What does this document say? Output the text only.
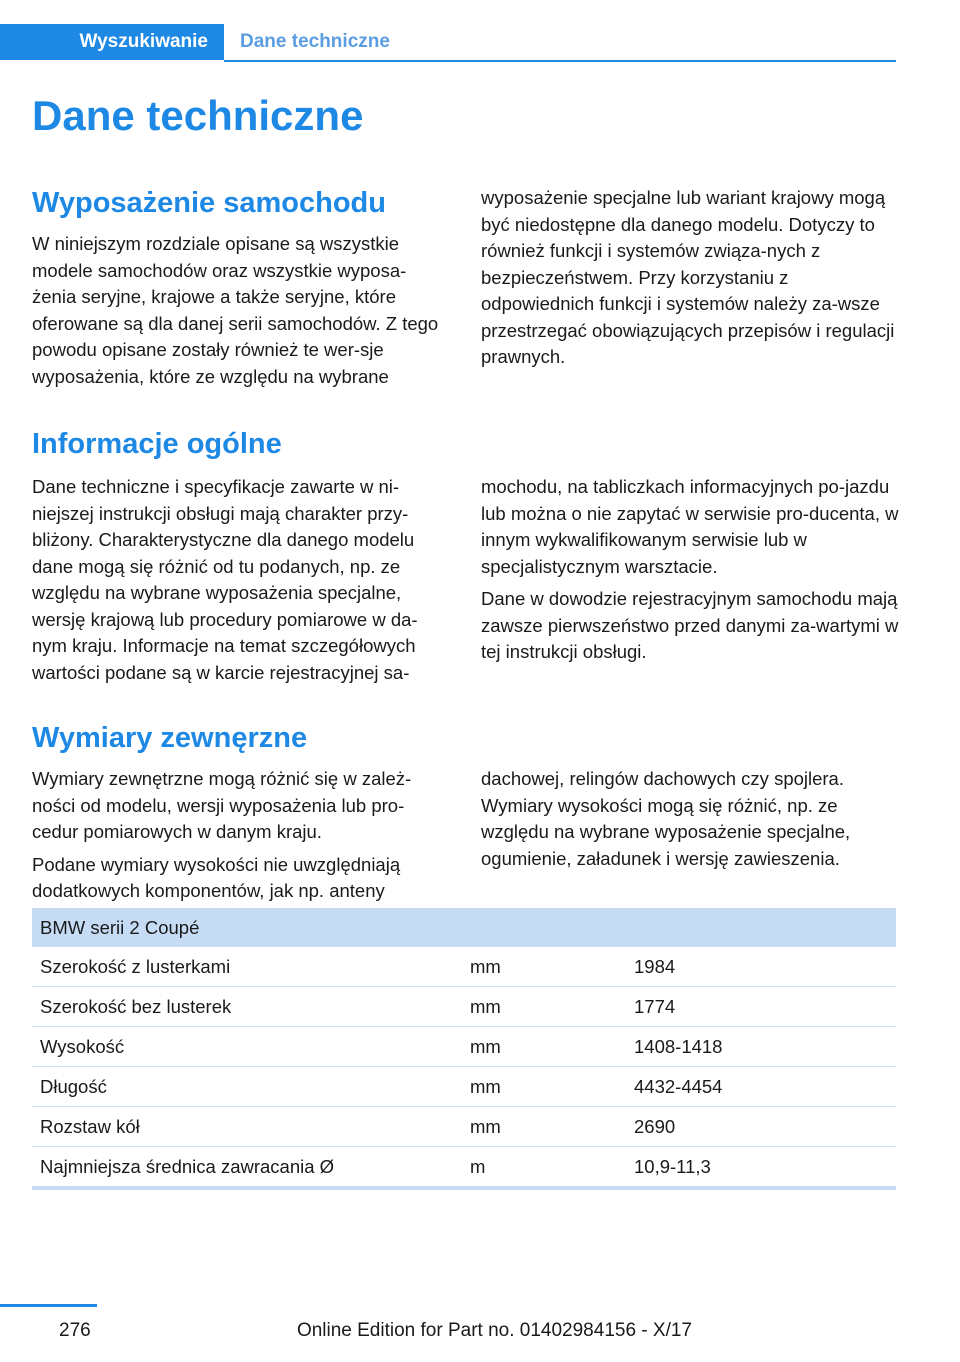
Wyszukiwanie	Dane techniczne
Dane techniczne
Wyposażenie samochodu

W niniejszym rozdziale opisane są wszystkie modele samochodów oraz wszystkie wyposa‐żenia seryjne, krajowe a także seryjne, które oferowane są dla danej serii samochodów. Z tego powodu opisane zostały również te wer‐sje wyposażenia, które ze względu na wybrane

wyposażenie specjalne lub wariant krajowy mogą być niedostępne dla danego modelu. Dotyczy to również funkcji i systemów związa‐nych z bezpieczeństwem. Przy korzystaniu z odpowiednich funkcji i systemów należy za‐wsze przestrzegać obowiązujących przepisów i regulacji prawnych.

Informacje ogólne

Dane techniczne i specyfikacje zawarte w ni‐niejszej instrukcji obsługi mają charakter przy‐bliżony. Charakterystyczne dla danego modelu dane mogą się różnić od tu podanych, np. ze względu na wybrane wyposażenia specjalne, wersję krajową lub procedury pomiarowe w da‐nym kraju. Informacje na temat szczegółowych wartości podane są w karcie rejestracyjnej sa‐

mochodu, na tabliczkach informacyjnych po‐jazdu lub można o nie zapytać w serwisie pro‐ducenta, w innym wykwalifikowanym serwisie lub w specjalistycznym warsztacie.

Dane w dowodzie rejestracyjnym samochodu mają zawsze pierwszeństwo przed danymi za‐wartymi w tej instrukcji obsługi.

Wymiary zewnęrzne

Wymiary zewnętrzne mogą różnić się w zależ‐ności od modelu, wersji wyposażenia lub pro‐cedur pomiarowych w danym kraju.

Podane wymiary wysokości nie uwzględniają dodatkowych komponentów, jak np. anteny

dachowej, relingów dachowych czy spojlera. Wymiary wysokości mogą się różnić, np. ze względu na wybrane wyposażenie specjalne, ogumienie, załadunek i wersję zawieszenia.

BMW serii 2 Coupé		
Szerokość z lusterkami	mm	1984
Szerokość bez lusterek	mm	1774
Wysokość	mm	1408-1418
Długość	mm	4432-4454
Rozstaw kół	mm	2690
Najmniejsza średnica zawracania Ø	m	10,9-11,3
276	Online Edition for Part no. 01402984156 - X/17
